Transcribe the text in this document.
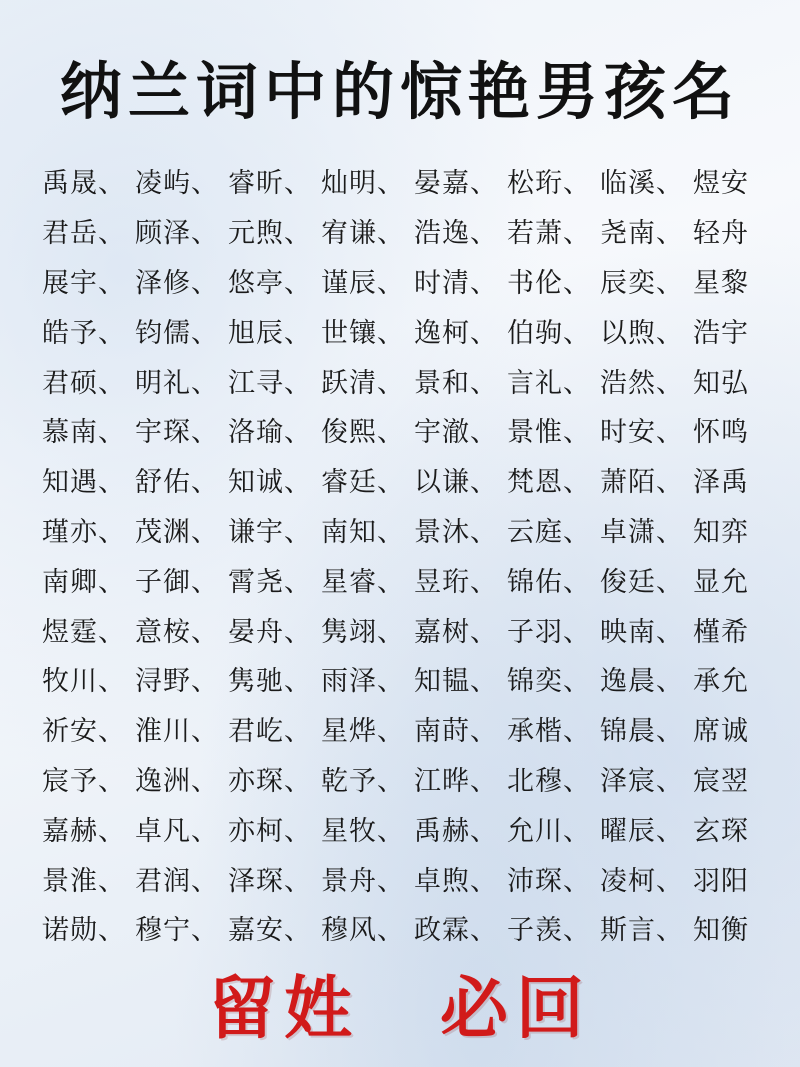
纳兰词中的惊艳男孩名
禹晟、 凌屿、 睿昕、 灿明、 晏嘉、 松珩、 临溪、 煜安
君岳、 顾泽、 元煦、 宥谦、 浩逸、 若萧、 尧南、 轻舟
展宇、 泽修、 悠亭、 谨辰、 时清、 书伦、 辰奕、 星黎
皓予、 钧儒、 旭辰、 世镶、 逸柯、 伯驹、 以煦、 浩宇
君硕、 明礼、 江寻、 跃清、 景和、 言礼、 浩然、 知弘
慕南、 宇琛、 洛瑜、 俊熙、 宇澈、 景惟、 时安、 怀鸣
知遇、 舒佑、 知诚、 睿廷、 以谦、 梵恩、 萧陌、 泽禹
瑾亦、 茂渊、 谦宇、 南知、 景沐、 云庭、 卓潇、 知弈
南卿、 子御、 霄尧、 星睿、 昱珩、 锦佑、 俊廷、 显允
煜霆、 意桉、 晏舟、 隽翊、 嘉树、 子羽、 映南、 槿希
牧川、 浔野、 隽驰、 雨泽、 知韫、 锦奕、 逸晨、 承允
祈安、 淮川、 君屹、 星烨、 南莳、 承楷、 锦晨、 席诚
宸予、 逸洲、 亦琛、 乾予、 江晔、 北穆、 泽宸、 宸翌
嘉赫、 卓凡、 亦柯、 星牧、 禹赫、 允川、 曜辰、 玄琛
景淮、 君润、 泽琛、 景舟、 卓煦、 沛琛、 凌柯、 羽阳
诺勋、 穆宁、 嘉安、 穆风、 政霖、 子羡、 斯言、 知衡
留姓 必回
